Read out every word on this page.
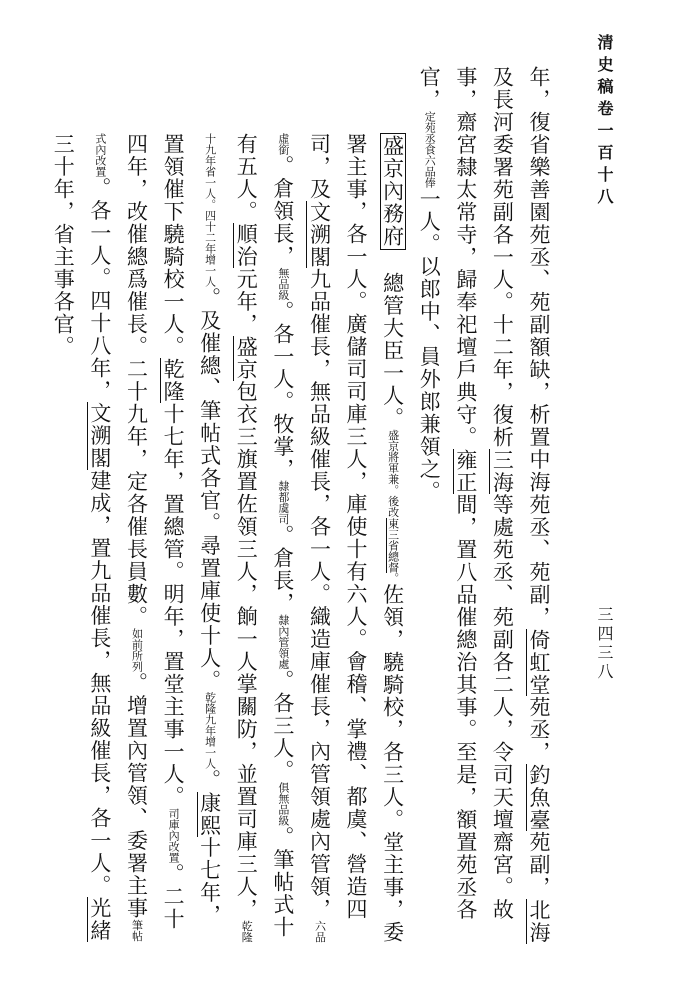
清史稿卷一百十八
三四三八

年，復省樂善園苑丞、苑副額缺，析置中海苑丞、苑副，倚虹堂苑丞，釣魚臺苑副，北海及長河委署苑副各一人。十二年，復析三海等處苑丞、苑副各二人，令司天壇齋宮。故事，齋宮隸太常寺，歸奉祀壇戶典守。雍正間，置八品催總治其事。至是，額置苑丞各官，定苑丞食六品俸一人。以郎中、員外郎兼領之。

盛京內務府　總管大臣一人。盛京將軍兼。後改東三省總督。佐領，驍騎校，各三人。堂主事，委署主事，各一人。廣儲司司庫三人，庫使十有六人。會稽、掌禮、都虞、營造四司，及文溯閣九品催長，無品級催長，各一人。織造庫催長，內管領處內管領，六品虛銜。倉領長，無品級。各一人。牧掌，隸都虞司。倉長，隸內管領處。各三人。俱無品級。筆帖式十有五人。順治元年，盛京包衣三旗置佐領三人，餉一人掌關防，並置司庫三人，乾隆十九年省一人。四十二年增一人。及催總、筆帖式各官。尋置庫使十人。乾隆九年增一人。康熙十七年，置領催下驍騎校一人。乾隆十七年，置總管。明年，置堂主事一人。司庫內改置。二十四年，改催總爲催長。二十九年，定各催長員數。如前所列。增置內管領、委署主事筆帖式內改置。各一人。四十八年，文溯閣建成，置九品催長，無品級催長，各一人。光緒三十年，省主事各官。
